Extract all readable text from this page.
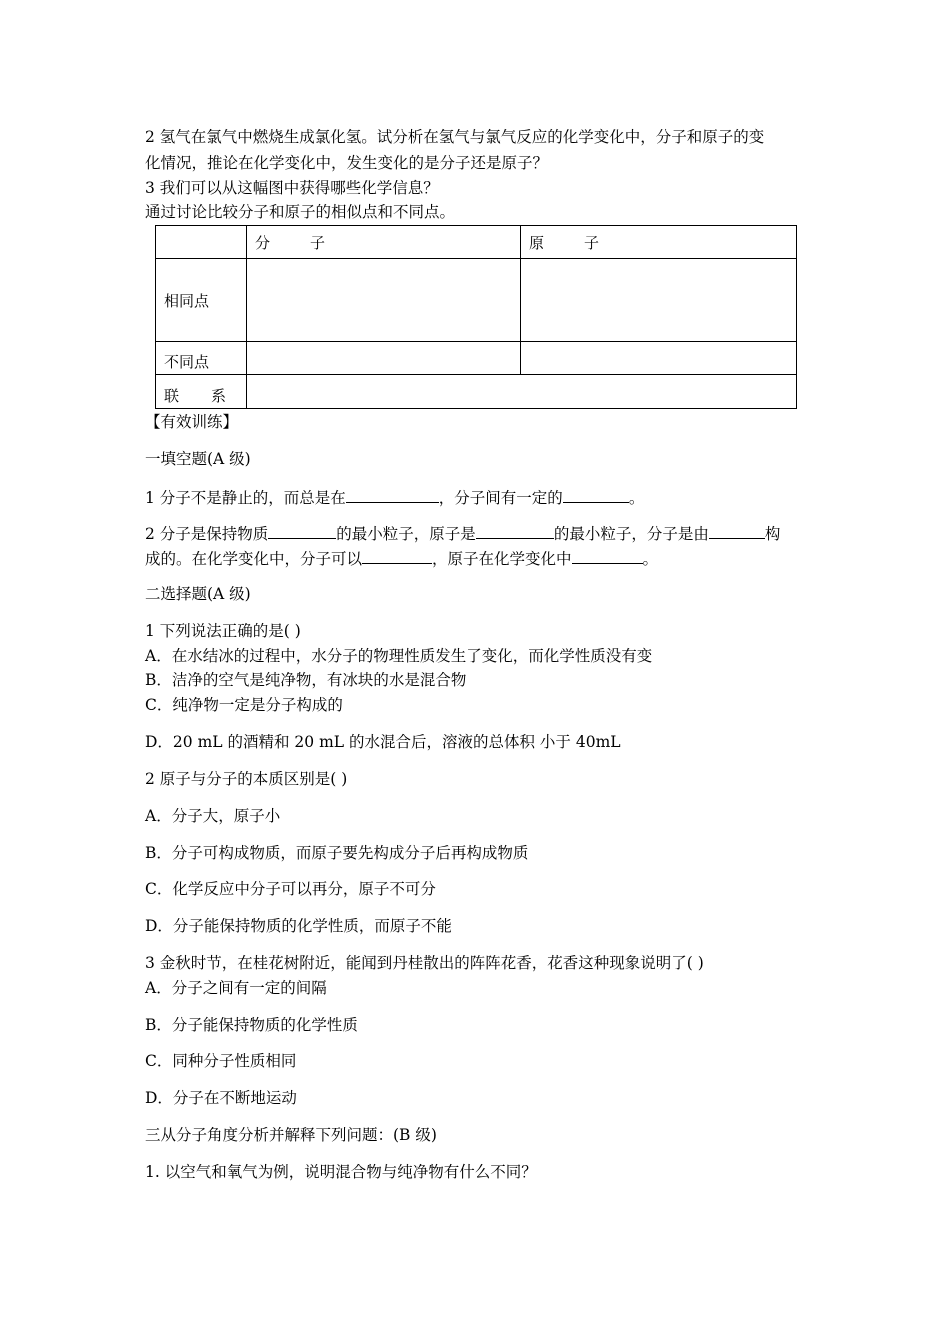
2 氢气在氯气中燃烧生成氯化氢。试分析在氢气与氯气反应的化学变化中，分子和原子的变
化情况，推论在化学变化中，发生变化的是分子还是原子？
3 我们可以从这幅图中获得哪些化学信息？
通过讨论比较分子和原子的相似点和不同点。

	分 子	原 子

相同点		
不同点		

联 系		

【有效训练】
一填空题(A 级)
1 分子不是静止的，而总是在	，分子间有一定的	。
2 分子是保持物质	的最小粒子，原子是	的最小粒子，分子是由	构
成的。在化学变化中，分子可以	，原子在化学变化中	。
二选择题(A 级)
1 下列说法正确的是( )
A．在水结冰的过程中，水分子的物理性质发生了变化，而化学性质没有变
B．洁净的空气是纯净物，有冰块的水是混合物
C．纯净物一定是分子构成的
D．20 mL 的酒精和 20 mL 的水混合后，溶液的总体积 小于 40mL
2 原子与分子的本质区别是( )
A．分子大，原子小
B．分子可构成物质，而原子要先构成分子后再构成物质
C．化学反应中分子可以再分，原子不可分
D．分子能保持物质的化学性质，而原子不能
3 金秋时节，在桂花树附近，能闻到丹桂散出的阵阵花香，花香这种现象说明了( )
A．分子之间有一定的间隔
B．分子能保持物质的化学性质
C．同种分子性质相同
D．分子在不断地运动
三从分子角度分析并解释下列问题：(B 级)
1. 以空气和氧气为例，说明混合物与纯净物有什么不同？
